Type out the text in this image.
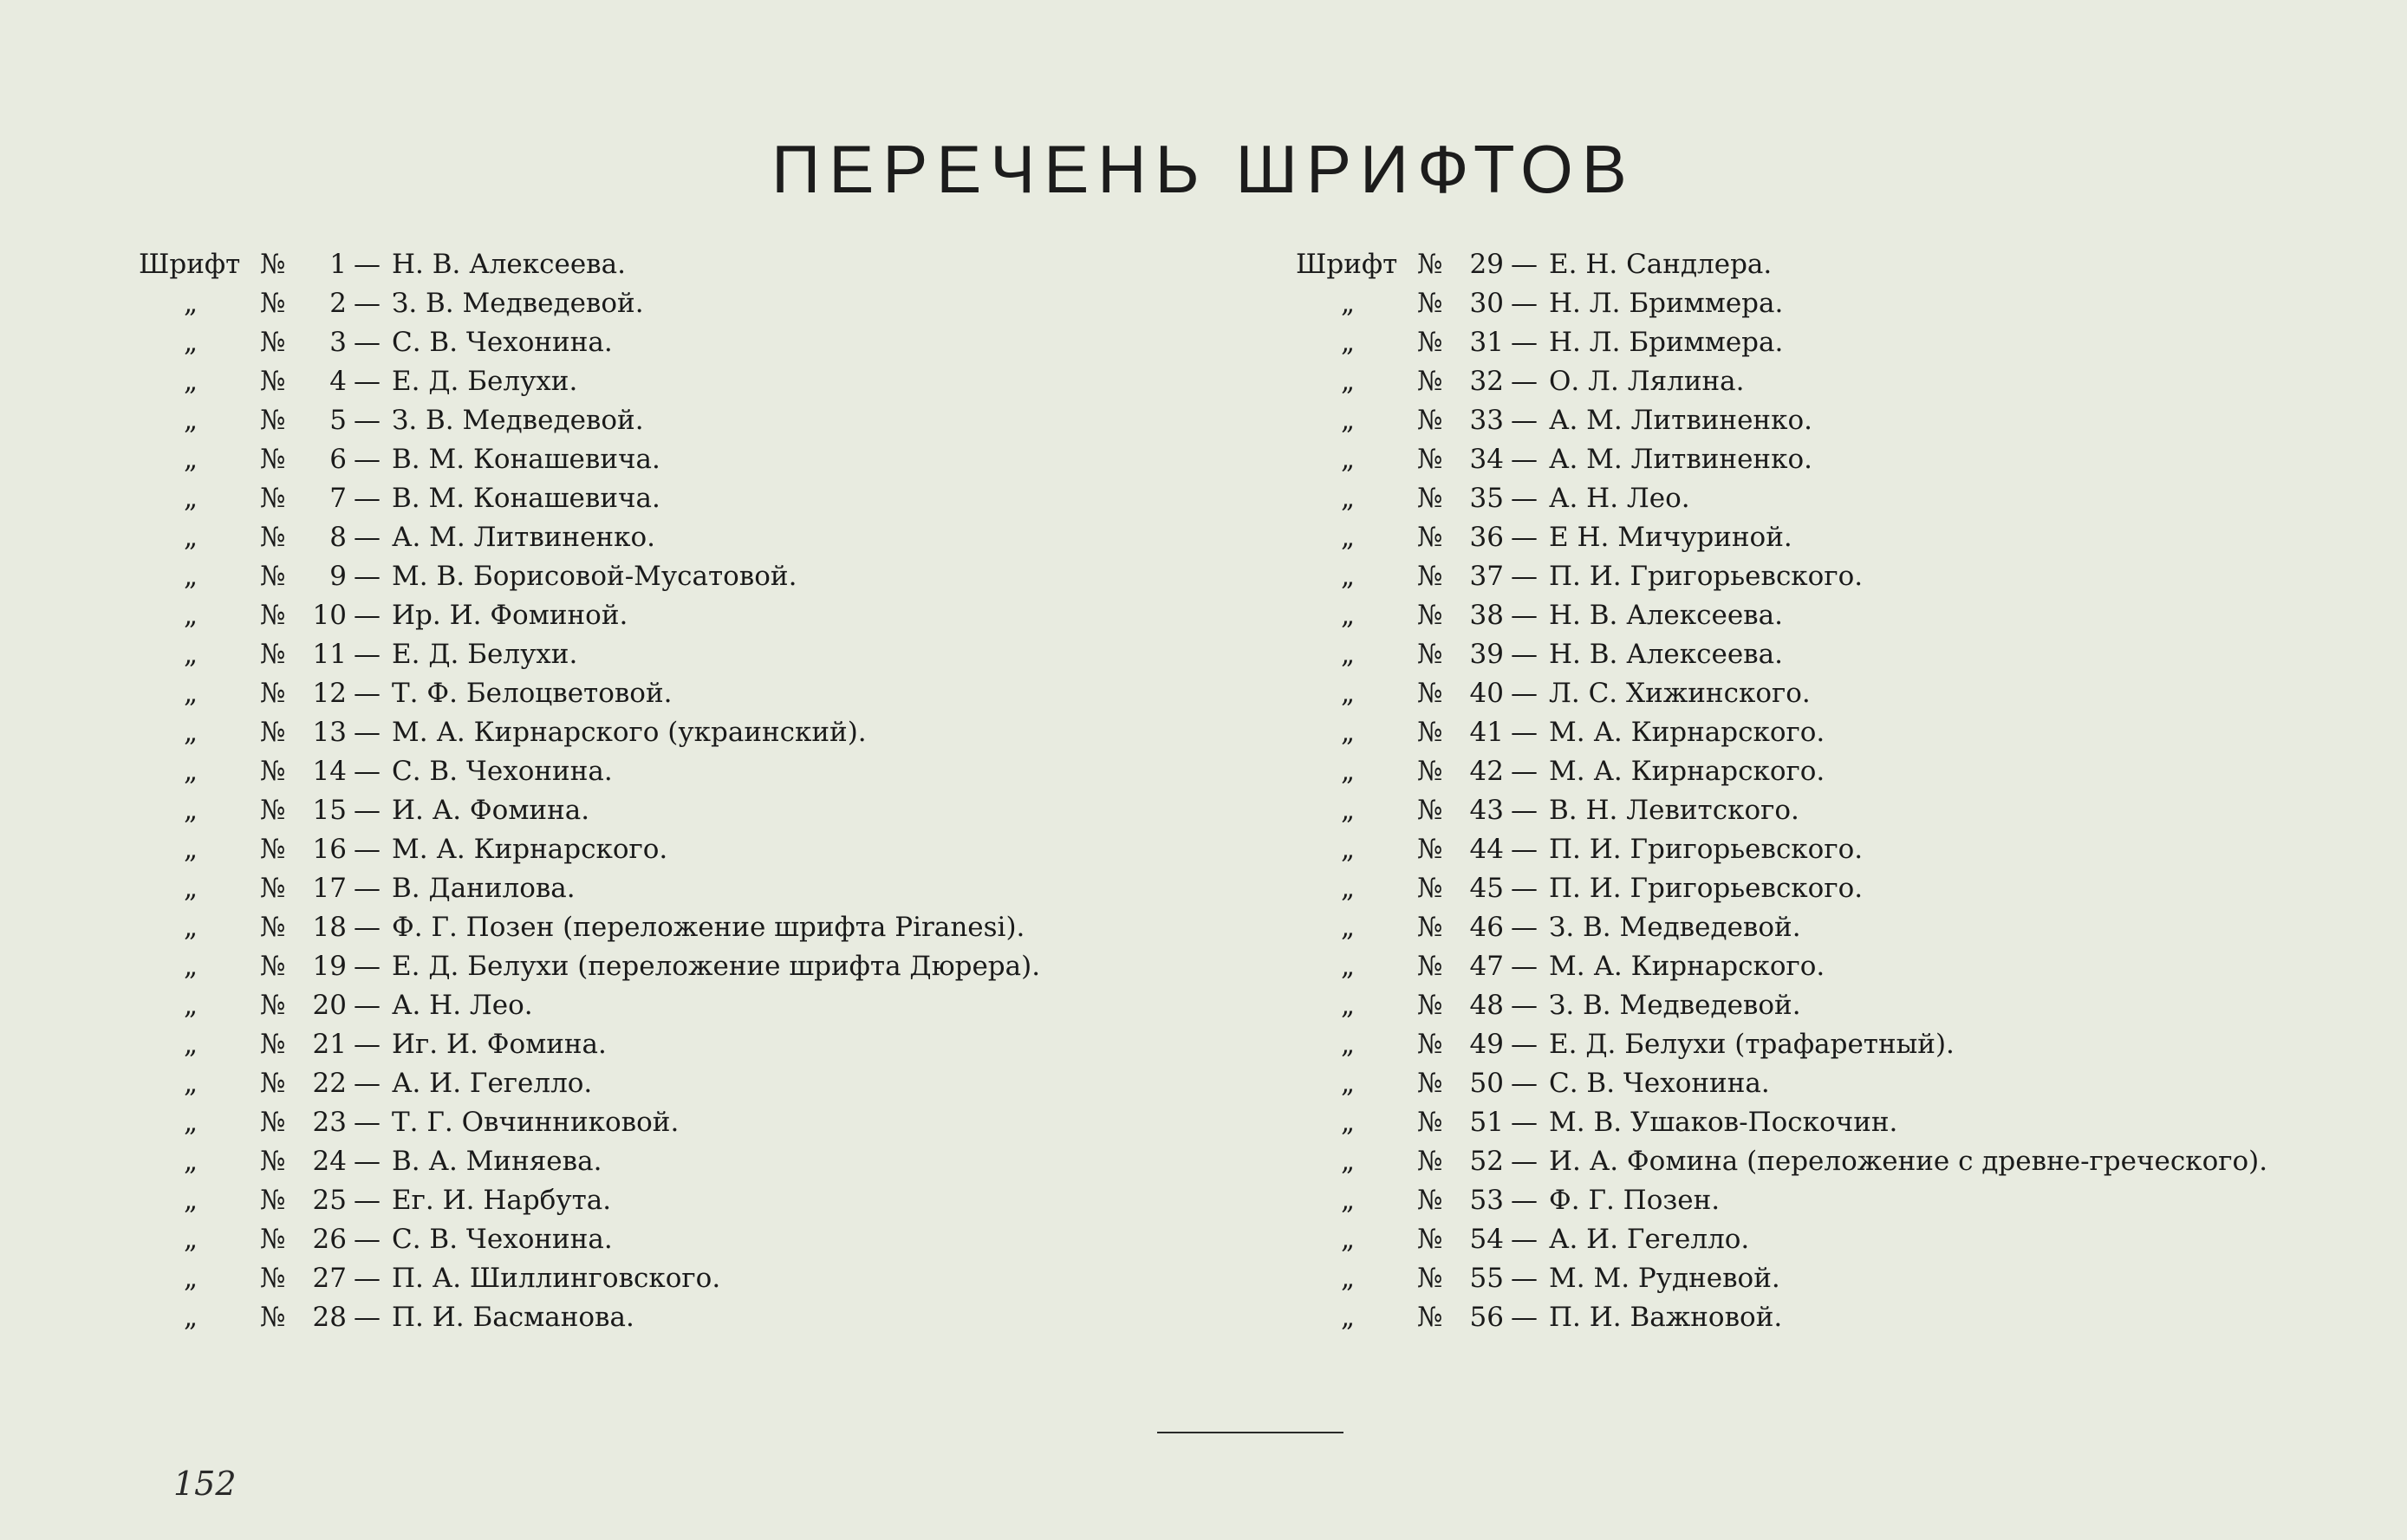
ПЕРЕЧЕНЬ ШРИФТОВ
Шрифт №	1 — Н. В. Алексеева.
„ №	2 — З. В. Медведевой.
„ №	3 — С. В. Чехонина.
„ №	4 — Е. Д. Белухи.
„ №	5 — З. В. Медведевой.
„ №	6 — В. М. Конашевича.
„ №	7 — В. М. Конашевича.
„ №	8 — А. М. Литвиненко.
„ №	9 — М. В. Борисовой-Мусатовой.
„ №	10 — Ир. И. Фоминой.
„ №	11 — Е. Д. Белухи.
„ №	12 — Т. Ф. Белоцветовой.
„ №	13 — М. А. Кирнарского (украинский).
„ №	14 — С. В. Чехонина.
„ №	15 — И. А. Фомина.
„ №	16 — М. А. Кирнарского.
„ №	17 — В. Данилова.
„ №	18 — Ф. Г. Позен (переложение шрифта Piranesi).
„ №	19 — Е. Д. Белухи (переложение шрифта Дюрера).
„ №	20 — А. Н. Лео.
„ №	21 — Иг. И. Фомина.
„ №	22 — А. И. Гегелло.
„ №	23 — Т. Г. Овчинниковой.
„ №	24 — В. А. Миняева.
„ №	25 — Ег. И. Нарбута.
„ №	26 — С. В. Чехонина.
„ №	27 — П. А. Шиллинговского.
„ №	28 — П. И. Басманова.
Шрифт №	29 — Е. Н. Сандлера.
„ №	30 — Н. Л. Бриммера.
„ №	31 — Н. Л. Бриммера.
„ №	32 — О. Л. Лялина.
„ №	33 — А. М. Литвиненко.
„ №	34 — А. М. Литвиненко.
„ №	35 — А. Н. Лео.
„ №	36 — Е Н. Мичуриной.
„ №	37 — П. И. Григорьевского.
„ №	38 — Н. В. Алексеева.
„ №	39 — Н. В. Алексеева.
„ №	40 — Л. С. Хижинского.
„ №	41 — М. А. Кирнарского.
„ №	42 — М. А. Кирнарского.
„ №	43 — В. Н. Левитского.
„ №	44 — П. И. Григорьевского.
„ №	45 — П. И. Григорьевского.
„ №	46 — З. В. Медведевой.
„ №	47 — М. А. Кирнарского.
„ №	48 — З. В. Медведевой.
„ №	49 — Е. Д. Белухи (трафаретный).
„ №	50 — С. В. Чехонина.
„ №	51 — М. В. Ушаков-Поскочин.
„ №	52 — И. А. Фомина (переложение с древне-греческого).
„ №	53 — Ф. Г. Позен.
„ №	54 — А. И. Гегелло.
„ №	55 — М. М. Рудневой.
„ №	56 — П. И. Важновой.
152
